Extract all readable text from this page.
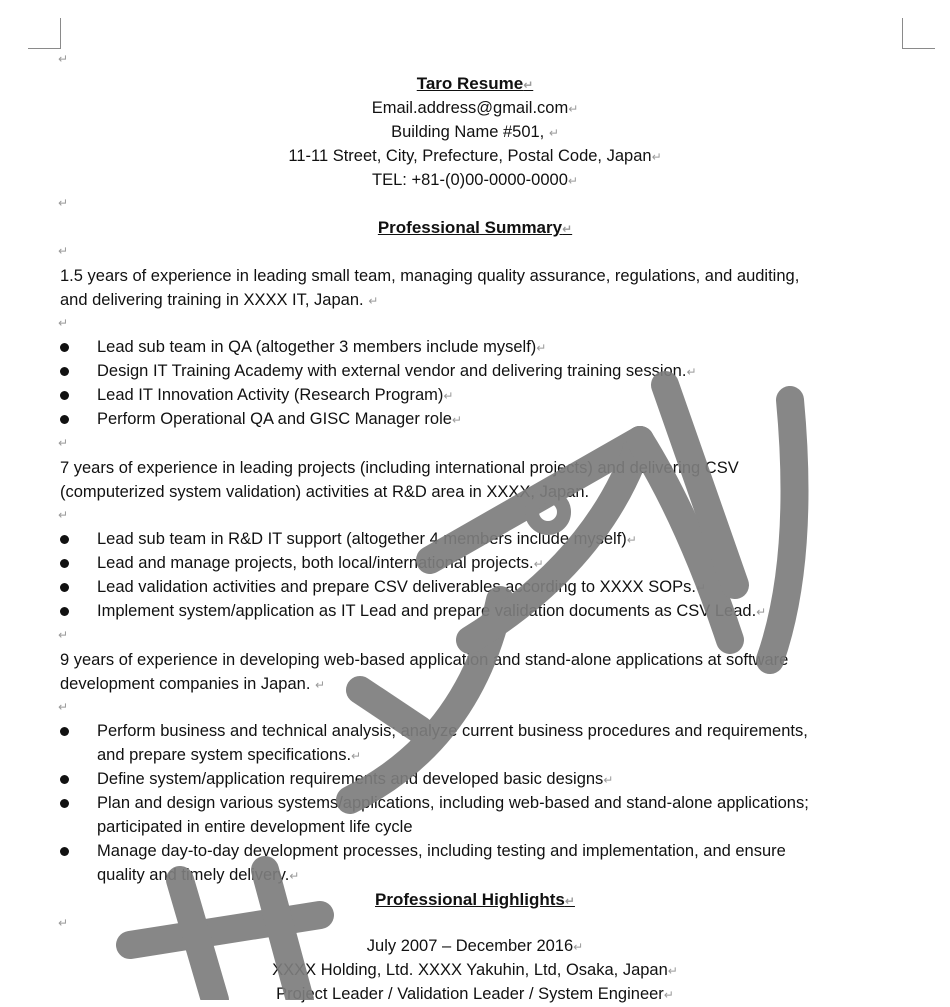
↵
Taro Resume↵
Email.address@gmail.com↵
Building Name #501, ↵
11-11 Street, City, Prefecture, Postal Code, Japan↵
TEL: +81-(0)00-0000-0000↵
↵
Professional Summary↵
↵
1.5 years of experience in leading small team, managing quality assurance, regulations, and auditing,
and delivering training in XXXX IT, Japan. ↵
↵
Lead sub team in QA (altogether 3 members include myself)↵
Design IT Training Academy with external vendor and delivering training session.↵
Lead IT Innovation Activity (Research Program)↵
Perform Operational QA and GISC Manager role↵
↵
7 years of experience in leading projects (including international projects) and delivering CSV
(computerized system validation) activities at R&D area in XXXX, Japan.
↵
Lead sub team in R&D IT support (altogether 4 members include myself)↵
Lead and manage projects, both local/international projects.↵
Lead validation activities and prepare CSV deliverables according to XXXX SOPs.↵
Implement system/application as IT Lead and prepare validation documents as CSV Lead.↵
↵
9 years of experience in developing web-based application and stand-alone applications at software
development companies in Japan. ↵
↵
Perform business and technical analysis; analyze current business procedures and requirements,
and prepare system specifications.↵
Define system/application requirements and developed basic designs↵
Plan and design various systems/applications, including web-based and stand-alone applications;
participated in entire development life cycle
Manage day-to-day development processes, including testing and implementation, and ensure
quality and timely delivery.↵
Professional Highlights↵
↵
July 2007 – December 2016↵
XXXX Holding, Ltd. XXXX Yakuhin, Ltd, Osaka, Japan↵
Project Leader / Validation Leader / System Engineer↵
